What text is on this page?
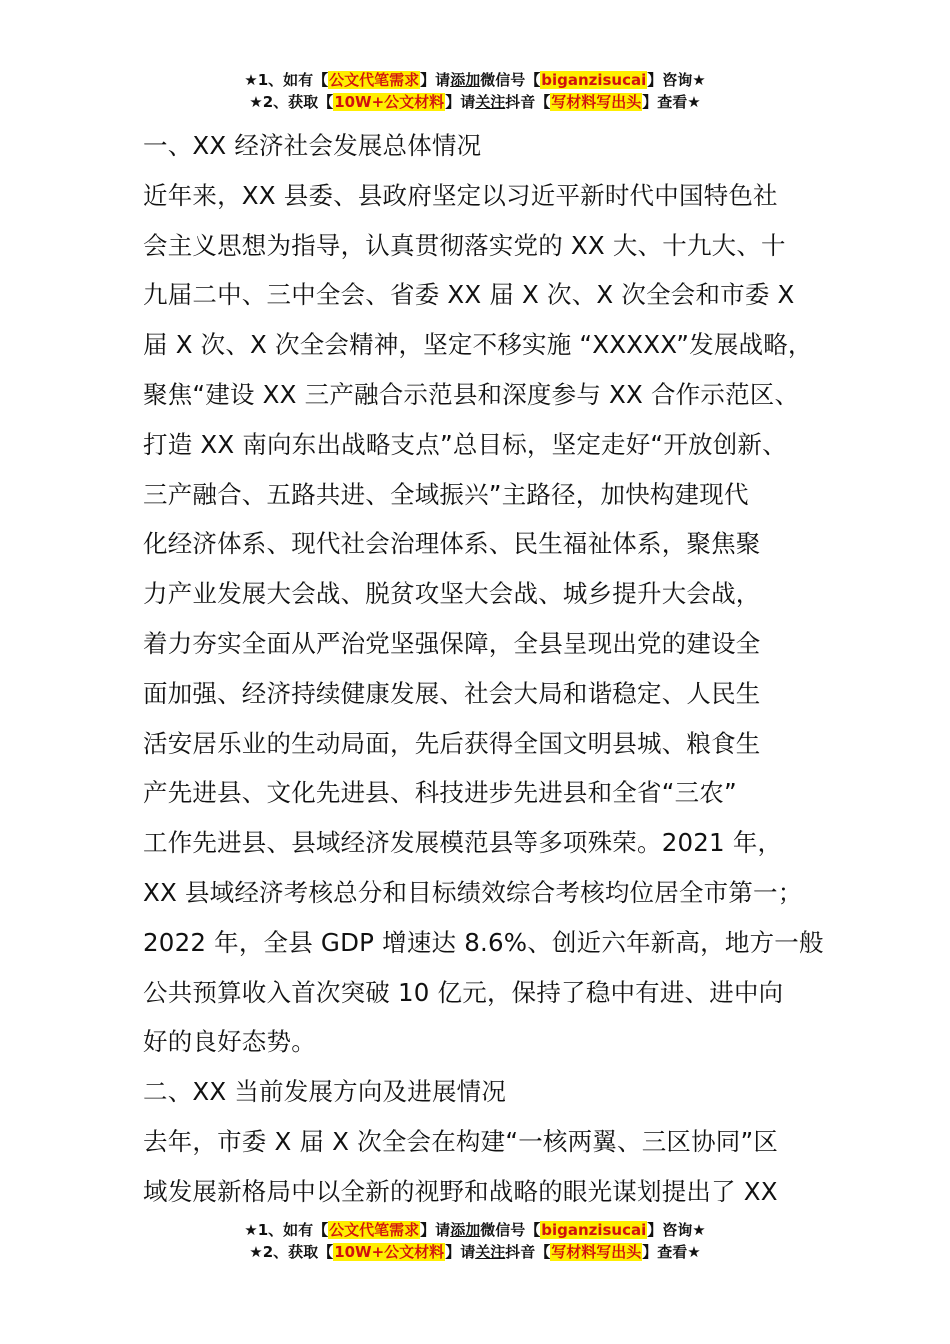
★1、如有【公文代笔需求】请添加微信号【biganzisucai】咨询★
★2、获取【10W+公文材料】请关注抖音【写材料写出头】查看★
一、XX 经济社会发展总体情况
近年来，XX 县委、县政府坚定以习近平新时代中国特色社
会主义思想为指导，认真贯彻落实党的 XX 大、十九大、十
九届二中、三中全会、省委 XX 届 X 次、X 次全会和市委 X
届 X 次、X 次全会精神，坚定不移实施 “XXXXX”发展战略，
聚焦“建设 XX 三产融合示范县和深度参与 XX 合作示范区、
打造 XX 南向东出战略支点”总目标，坚定走好“开放创新、
三产融合、五路共进、全域振兴”主路径，加快构建现代
化经济体系、现代社会治理体系、民生福祉体系，聚焦聚
力产业发展大会战、脱贫攻坚大会战、城乡提升大会战，
着力夯实全面从严治党坚强保障，全县呈现出党的建设全
面加强、经济持续健康发展、社会大局和谐稳定、人民生
活安居乐业的生动局面，先后获得全国文明县城、粮食生
产先进县、文化先进县、科技进步先进县和全省“三农”
工作先进县、县域经济发展模范县等多项殊荣。2021 年，
XX 县域经济考核总分和目标绩效综合考核均位居全市第一；
2022 年，全县 GDP 增速达 8.6%、创近六年新高，地方一般
公共预算收入首次突破 10 亿元，保持了稳中有进、进中向
好的良好态势。
二、XX 当前发展方向及进展情况
去年，市委 X 届 X 次全会在构建“一核两翼、三区协同”区
域发展新格局中以全新的视野和战略的眼光谋划提出了 XX
★1、如有【公文代笔需求】请添加微信号【biganzisucai】咨询★
★2、获取【10W+公文材料】请关注抖音【写材料写出头】查看★
